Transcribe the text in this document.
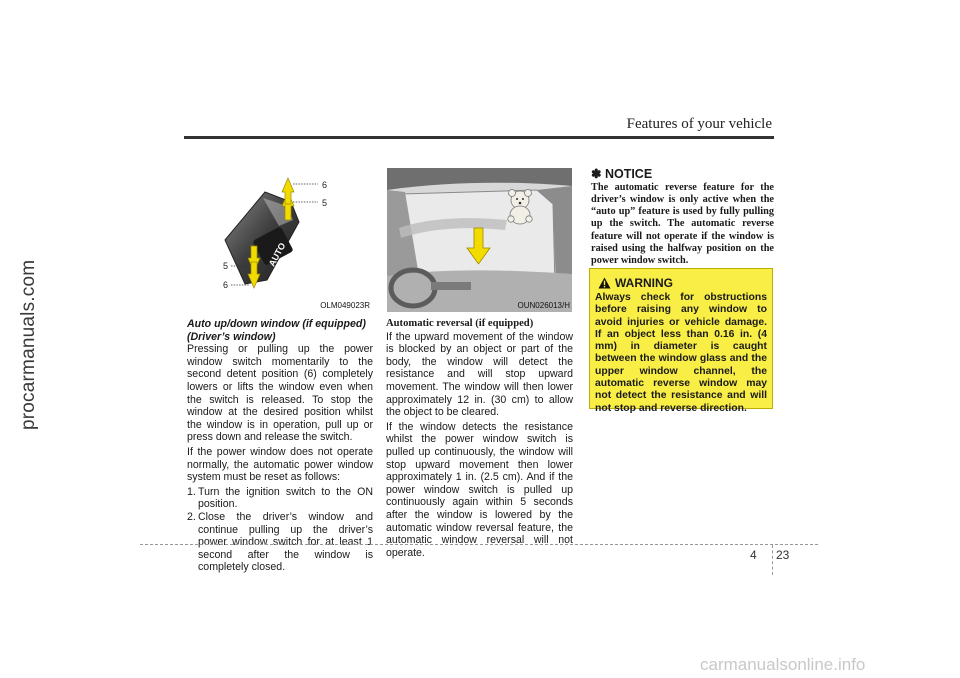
procarmanuals.com
carmanualsonline.info
Features of your vehicle
AUTO
6
5
5
6
OLM049023R	OUN026013/H
Auto up/down window (if equipped)
(Driver’s window)

Pressing or pulling up the power window switch momentarily to the second detent position (6) completely lowers or lifts the window even when the switch is released. To stop the window at the desired position whilst the window is in operation, pull up or press down and release the switch.

If the power window does not operate normally, the automatic power window system must be reset as follows:

1. Turn the ignition switch to the ON position.
2. Close the driver’s window and continue pulling up the driver’s power window switch for at least 1 second after the window is completely closed.
Automatic reversal (if equipped)

If the upward movement of the window is blocked by an object or part of the body, the window will detect the resistance and will stop upward movement. The window will then lower approximately 12 in. (30 cm) to allow the object to be cleared.

If the window detects the resistance whilst the power window switch is pulled up continuously, the window will stop upward movement then lower approximately 1 in. (2.5 cm). And if the power window switch is pulled up continuously again within 5 seconds after the window is lowered by the automatic window reversal feature, the automatic window reversal will not operate.

✽ NOTICE
The automatic reverse feature for the driver’s window is only active when the “auto up” feature is used by fully pulling up the switch. The automatic reverse feature will not operate if the window is raised using the halfway position on the power window switch.
WARNING
Always check for obstructions before raising any window to avoid injuries or vehicle damage. If an object less than 0.16 in. (4 mm) in diameter is caught between the window glass and the upper window channel, the automatic reverse window may not detect the resistance and will not stop and reverse direction.
4 23
